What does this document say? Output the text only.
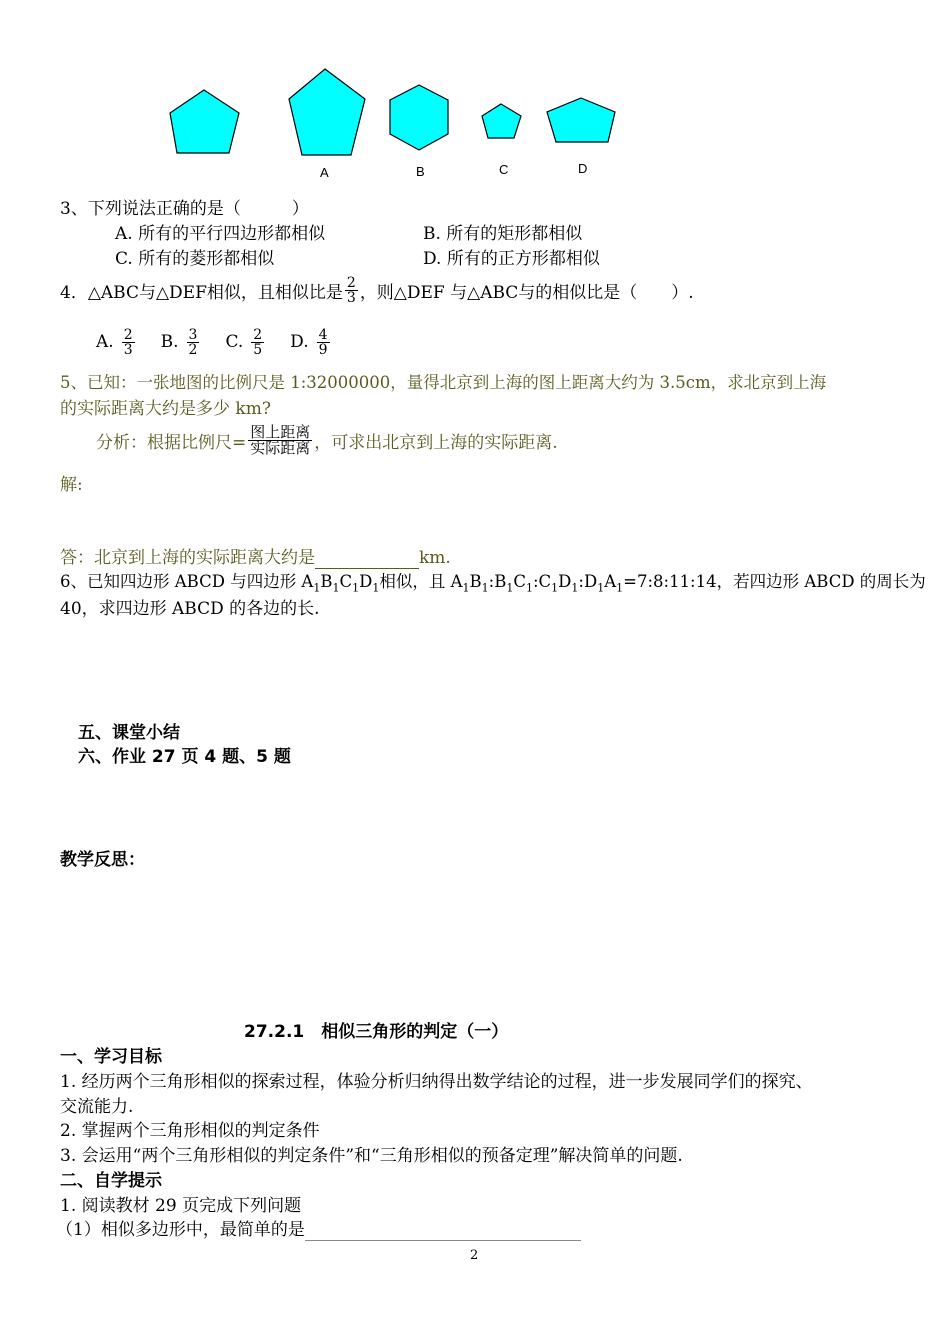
A	B	C	D
3、下列说法正确的是（　　　）
A. 所有的平行四边形都相似	B. 所有的矩形都相似
C. 所有的菱形都相似	D. 所有的正方形都相似
4．△ABC与△DEF相似，且相似比是 $\frac{2}{3}$ ，则△DEF 与△ABC与的相似比是（　　）.
A. $\frac{2}{3} B$. $\frac{3}{2} C$. $\frac{2}{5} D$. $\frac{4}{9}$
5、已知：一张地图的比例尺是 1:32000000，量得北京到上海的图上距离大约为 3.5cm，求北京到上海
的实际距离大约是多少 km?
分析：根据比例尺= $\frac{\text{图上距离}}{\text{实际距离}}$ ，可求出北京到上海的实际距离.
解:
答：北京到上海的实际距离大约是	km.
6、已知四边形 ABCD 与四边形 $A_1B_1C_1D_1$相似，且 $A_1B_1:B_1C_1:C_1D_1:D_1A_1=7:8:11:14$，若四边形 ABCD 的周长为
40，求四边形 ABCD 的各边的长.
五、课堂小结
六、作业 27 页 4 题、5 题
教学反思：
27.2.1　相似三角形的判定（一）
一、学习目标
1. 经历两个三角形相似的探索过程，体验分析归纳得出数学结论的过程，进一步发展同学们的探究、
交流能力.
2. 掌握两个三角形相似的判定条件
3. 会运用“两个三角形相似的判定条件”和“三角形相似的预备定理”解决简单的问题.
二、自学提示
1. 阅读教材 29 页完成下列问题
（1）相似多边形中，最简单的是
2
